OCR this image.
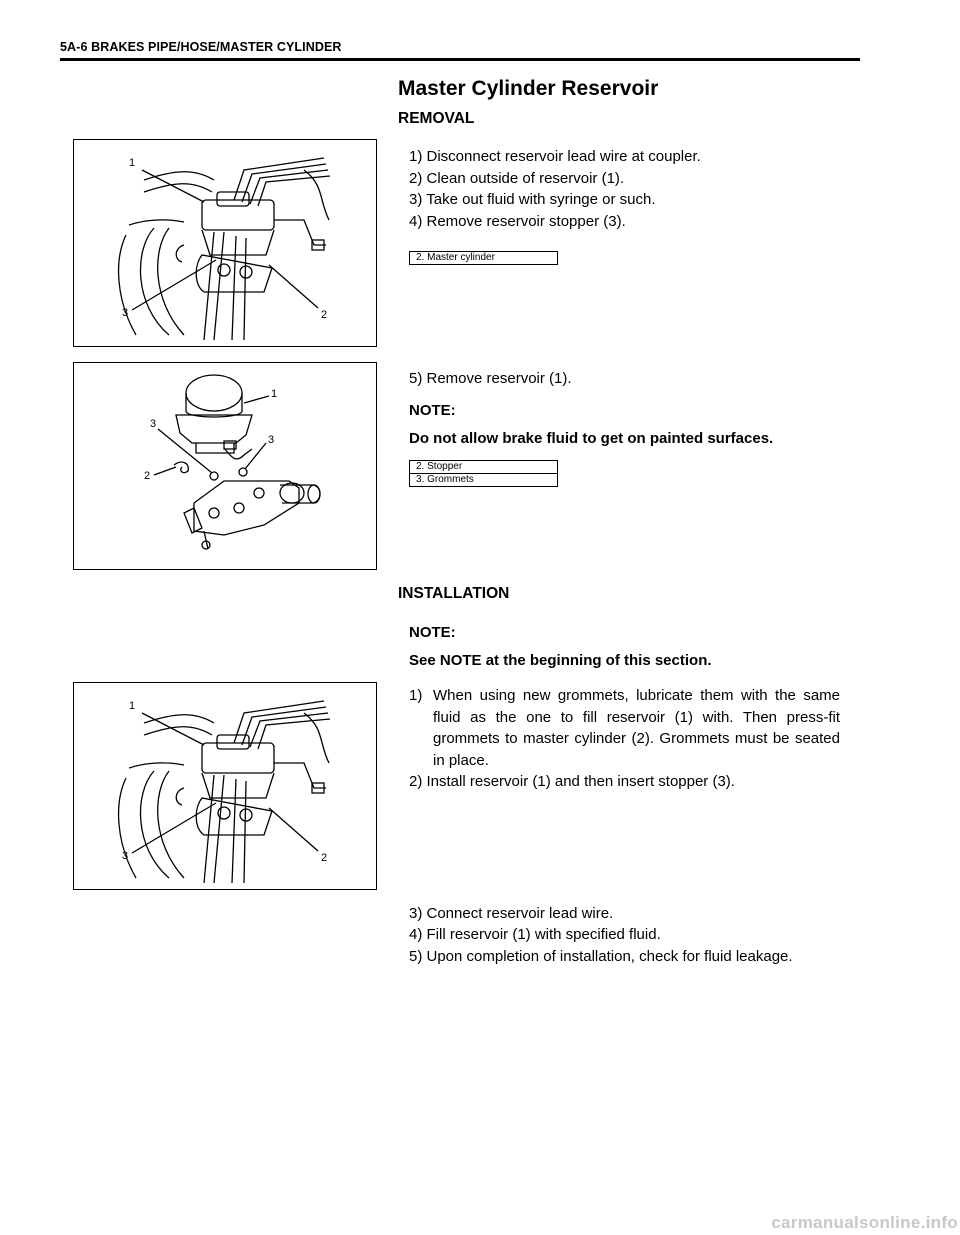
5A-6 BRAKES PIPE/HOSE/MASTER CYLINDER
Master Cylinder Reservoir
REMOVAL
1
3	2
1) Disconnect reservoir lead wire at coupler.
2) Clean outside of reservoir (1).
3) Take out fluid with syringe or such.
4) Remove reservoir stopper (3).
2. Master cylinder
1
3
3
2
5) Remove reservoir (1).
NOTE:
Do not allow brake fluid to get on painted surfaces.
2. Stopper
3. Grommets
INSTALLATION
NOTE:
See NOTE at the beginning of this section.
1
3	2
1) When using new grommets, lubricate them with the same fluid as the one to fill reservoir (1) with. Then press-fit grommets to master cylinder (2). Grommets must be seated in place.
2) Install reservoir (1) and then insert stopper (3).
3) Connect reservoir lead wire.
4) Fill reservoir (1) with specified fluid.
5) Upon completion of installation, check for fluid leakage.
carmanualsonline.info
